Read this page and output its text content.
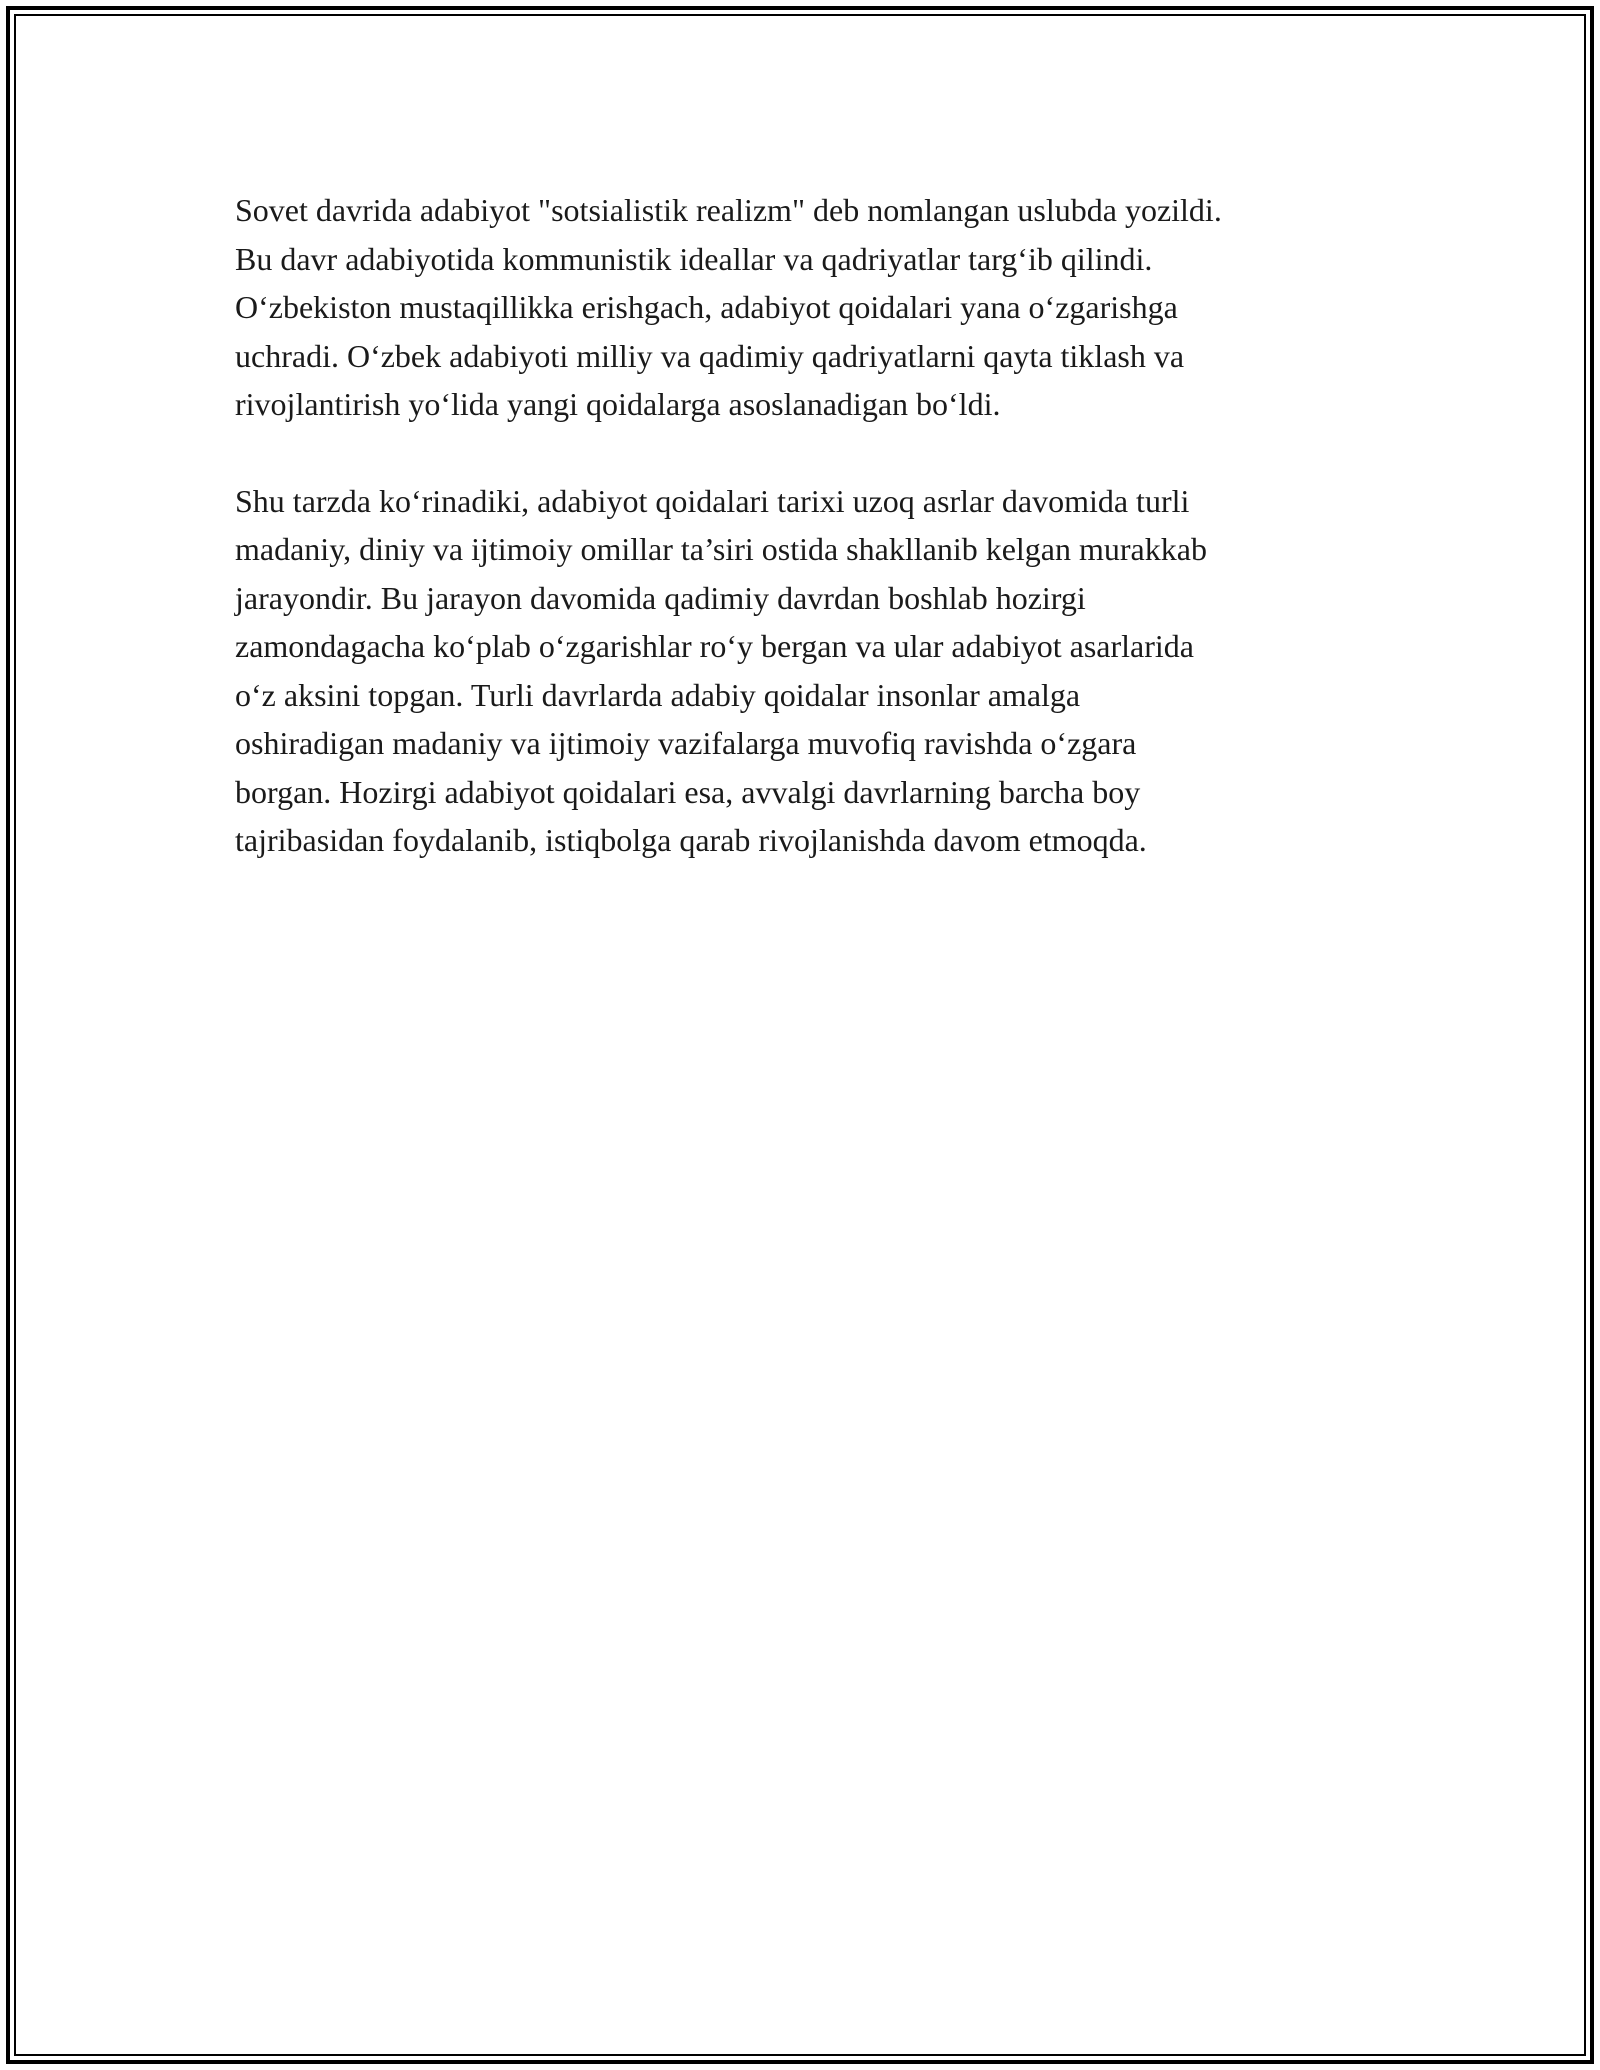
Sovet davrida adabiyot "sotsialistik realizm" deb nomlangan uslubda yozildi.
Bu davr adabiyotida kommunistik ideallar va qadriyatlar targ‘ib qilindi.
O‘zbekiston mustaqillikka erishgach, adabiyot qoidalari yana o‘zgarishga
uchradi. O‘zbek adabiyoti milliy va qadimiy qadriyatlarni qayta tiklash va
rivojlantirish yo‘lida yangi qoidalarga asoslanadigan bo‘ldi.

Shu tarzda ko‘rinadiki, adabiyot qoidalari tarixi uzoq asrlar davomida turli
madaniy, diniy va ijtimoiy omillar ta’siri ostida shakllanib kelgan murakkab
jarayondir. Bu jarayon davomida qadimiy davrdan boshlab hozirgi
zamondagacha ko‘plab o‘zgarishlar ro‘y bergan va ular adabiyot asarlarida
o‘z aksini topgan. Turli davrlarda adabiy qoidalar insonlar amalga
oshiradigan madaniy va ijtimoiy vazifalarga muvofiq ravishda o‘zgara
borgan. Hozirgi adabiyot qoidalari esa, avvalgi davrlarning barcha boy
tajribasidan foydalanib, istiqbolga qarab rivojlanishda davom etmoqda.
